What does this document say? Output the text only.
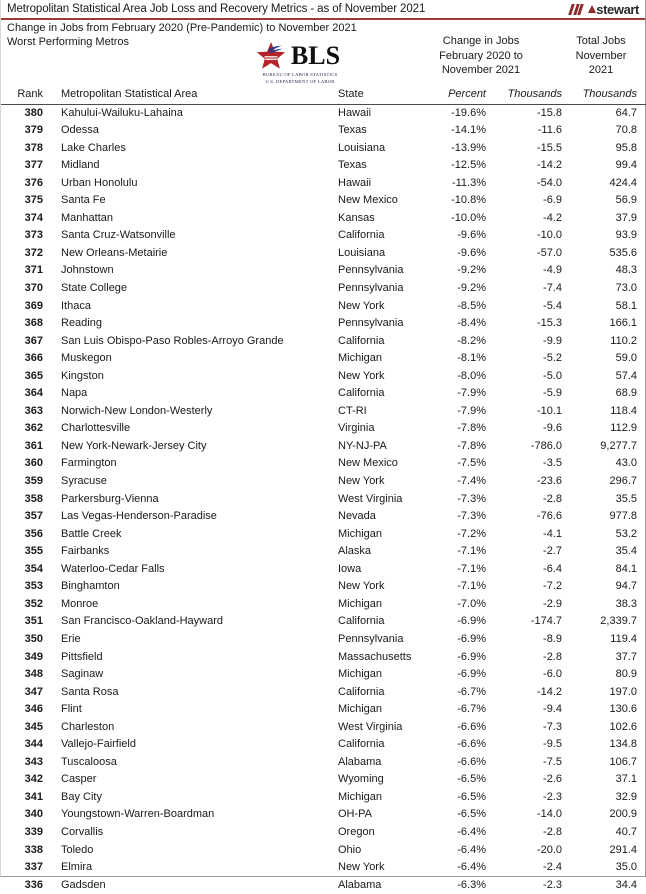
Metropolitan Statistical Area Job Loss and Recovery Metrics - as of November 2021	stewart
Change in Jobs from February 2020 (Pre-Pandemic) to November 2021
Worst Performing Metros	BLS
BUREAU OF LABOR STATISTICS
U.S. DEPARTMENT OF LABOR
Change in Jobs
February 2020 to
November 2021
Total Jobs
November
2021
Rank	Metropolitan Statistical Area	State	Percent	Thousands	Thousands
380	Kahului-Wailuku-Lahaina	Hawaii	-19.6%	-15.8	64.7
379	Odessa	Texas	-14.1%	-11.6	70.8
378	Lake Charles	Louisiana	-13.9%	-15.5	95.8
377	Midland	Texas	-12.5%	-14.2	99.4
376	Urban Honolulu	Hawaii	-11.3%	-54.0	424.4
375	Santa Fe	New Mexico	-10.8%	-6.9	56.9
374	Manhattan	Kansas	-10.0%	-4.2	37.9
373	Santa Cruz-Watsonville	California	-9.6%	-10.0	93.9
372	New Orleans-Metairie	Louisiana	-9.6%	-57.0	535.6
371	Johnstown	Pennsylvania	-9.2%	-4.9	48.3
370	State College	Pennsylvania	-9.2%	-7.4	73.0
369	Ithaca	New York	-8.5%	-5.4	58.1
368	Reading	Pennsylvania	-8.4%	-15.3	166.1
367	San Luis Obispo-Paso Robles-Arroyo Grande	California	-8.2%	-9.9	110.2
366	Muskegon	Michigan	-8.1%	-5.2	59.0
365	Kingston	New York	-8.0%	-5.0	57.4
364	Napa	California	-7.9%	-5.9	68.9
363	Norwich-New London-Westerly	CT-RI	-7.9%	-10.1	118.4
362	Charlottesville	Virginia	-7.8%	-9.6	112.9
361	New York-Newark-Jersey City	NY-NJ-PA	-7.8%	-786.0	9,277.7
360	Farmington	New Mexico	-7.5%	-3.5	43.0
359	Syracuse	New York	-7.4%	-23.6	296.7
358	Parkersburg-Vienna	West Virginia	-7.3%	-2.8	35.5
357	Las Vegas-Henderson-Paradise	Nevada	-7.3%	-76.6	977.8
356	Battle Creek	Michigan	-7.2%	-4.1	53.2
355	Fairbanks	Alaska	-7.1%	-2.7	35.4
354	Waterloo-Cedar Falls	Iowa	-7.1%	-6.4	84.1
353	Binghamton	New York	-7.1%	-7.2	94.7
352	Monroe	Michigan	-7.0%	-2.9	38.3
351	San Francisco-Oakland-Hayward	California	-6.9%	-174.7	2,339.7
350	Erie	Pennsylvania	-6.9%	-8.9	119.4
349	Pittsfield	Massachusetts	-6.9%	-2.8	37.7
348	Saginaw	Michigan	-6.9%	-6.0	80.9
347	Santa Rosa	California	-6.7%	-14.2	197.0
346	Flint	Michigan	-6.7%	-9.4	130.6
345	Charleston	West Virginia	-6.6%	-7.3	102.6
344	Vallejo-Fairfield	California	-6.6%	-9.5	134.8
343	Tuscaloosa	Alabama	-6.6%	-7.5	106.7
342	Casper	Wyoming	-6.5%	-2.6	37.1
341	Bay City	Michigan	-6.5%	-2.3	32.9
340	Youngstown-Warren-Boardman	OH-PA	-6.5%	-14.0	200.9
339	Corvallis	Oregon	-6.4%	-2.8	40.7
338	Toledo	Ohio	-6.4%	-20.0	291.4
337	Elmira	New York	-6.4%	-2.4	35.0
336	Gadsden	Alabama	-6.3%	-2.3	34.4
